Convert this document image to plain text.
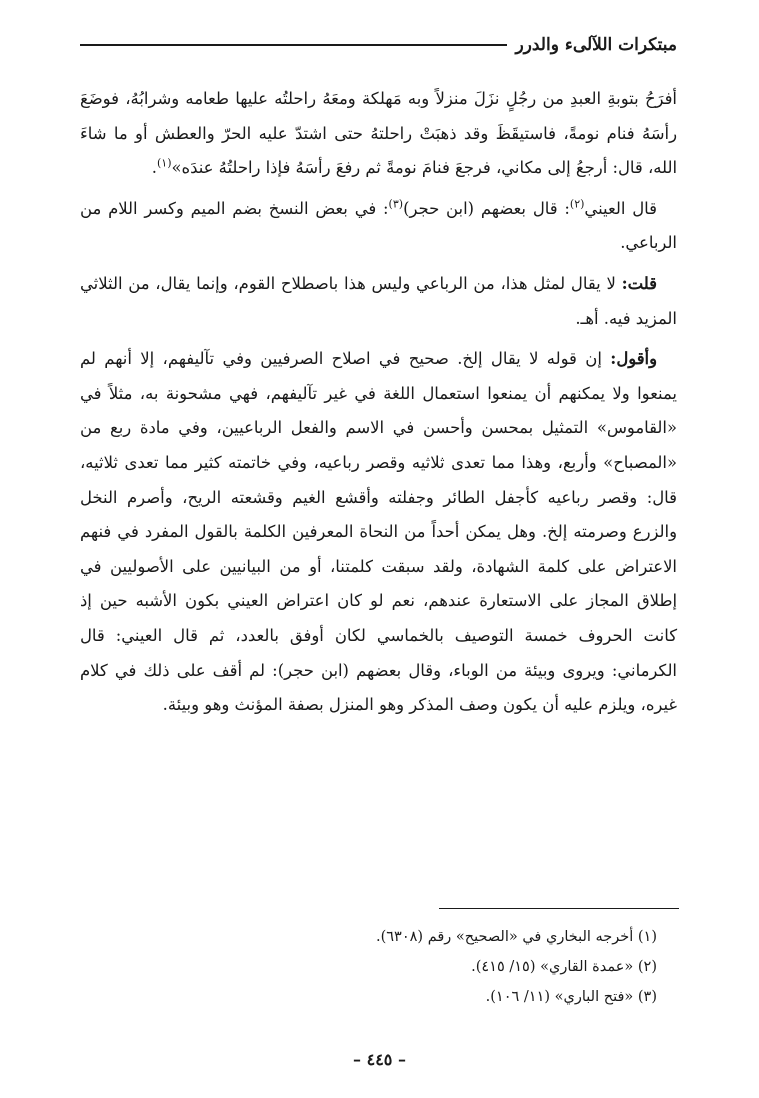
مبتكرات اللآلىء والدرر

أفرَحُ بتوبةِ العبدِ من رجُلٍ نزَلَ منزلاً وبه مَهلكة ومعَهُ راحلتُه عليها طعامه وشرابُهُ، فوضَعَ رأسَهُ فنام نومةً، فاستيقَظَ وقد ذهبَتْ راحلتهُ حتى اشتدّ عليه الحرّ والعطش أو ما شاءَ الله، قال: أرجعُ إلى مكاني، فرجعَ فنامَ نومةً ثم رفعَ رأسَهُ فإذا راحلتُهُ عندَه»$^{(١)}$.

قال العيني$^{(٢)}$: قال بعضهم (ابن حجر)$^{(٣)}$: في بعض النسخ بضم الميم وكسر اللام من الرباعي.

قلت: لا يقال لمثل هذا، من الرباعي وليس هذا باصطلاح القوم، وإنما يقال، من الثلاثي المزيد فيه. أهـ.

وأقول: إن قوله لا يقال إلخ. صحيح في اصلاح الصرفيين وفي تآليفهم، إلا أنهم لم يمنعوا ولا يمكنهم أن يمنعوا استعمال اللغة في غير تآليفهم، فهي مشحونة به، مثلاً في «القاموس» التمثيل بمحسن وأحسن في الاسم والفعل الرباعيين، وفي مادة ربع من «المصباح» وأربع، وهذا مما تعدى ثلاثيه وقصر رباعيه، وفي خاتمته كثير مما تعدى ثلاثيه، قال: وقصر رباعيه كأجفل الطائر وجفلته وأقشع الغيم وقشعته الريح، وأصرم النخل والزرع وصرمته إلخ. وهل يمكن أحداً من النحاة المعرفين الكلمة بالقول المفرد في فنهم الاعتراض على كلمة الشهادة، ولقد سبقت كلمتنا، أو من البيانيين على الأصوليين في إطلاق المجاز على الاستعارة عندهم، نعم لو كان اعتراض العيني بكون الأشبه حين إذ كانت الحروف خمسة التوصيف بالخماسي لكان أوفق بالعدد، ثم قال العيني: قال الكرماني: ويروى وبيئة من الوباء، وقال بعضهم (ابن حجر): لم أقف على ذلك في كلام غيره، ويلزم عليه أن يكون وصف المذكر وهو المنزل بصفة المؤنث وهو وبيئة.

(١) أخرجه البخاري في «الصحيح» رقم (٦٣٠٨).

(٢) «عمدة القاري» (١٥/ ٤١٥).

(٣) «فتح الباري» (١١/ ١٠٦).

– ٤٤٥ –
